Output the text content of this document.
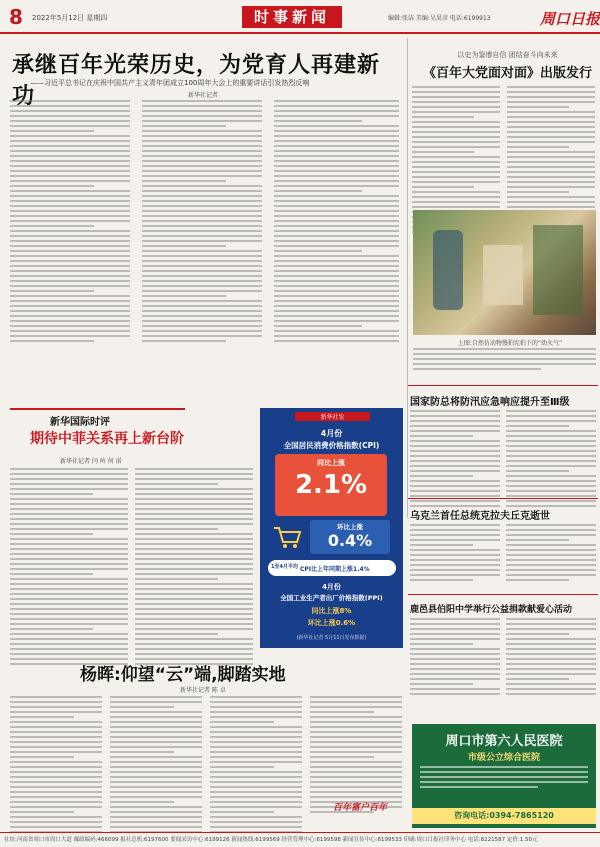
8	2022年5月12日 星期四	时事新闻	编辑:张洁 美编:吴昊彦 电话:6199913	周口日报
承继百年光荣历史，为党育人再建新功
——习近平总书记在庆祝中国共产主义青年团成立100周年大会上的重要讲话引发热烈反响
新华社记者
以史为鉴增自信 团结奋斗向未来
《百年大党面对面》出版发行
上图:自然仿动物慢拍宪拍下的“幼火气”
新华国际时评
期待中菲关系再上新台阶
新华社记者 闫 岭 何 诺
新华社发
4月份
全国居民消费价格指数(CPI)
同比上涨
2.1%
环比上涨
0.4%
1至4月平均 CPI比上年同期上涨1.4%
4月份
全国工业生产者出厂价格指数(PPI)
同比上涨8%
环比上涨0.6%
(新华社记者 5月11日发布数据)
国家防总将防汛应急响应提升至Ⅲ级
乌克兰首任总统克拉夫丘克逝世
鹿邑县伯阳中学举行公益捐款献爱心活动
杨晖:仰望“云”端,脚踏实地
新华社记者 陈 卓
百年富户百年
周口市第六人民医院
市级公立综合医院
咨询电话:0394-7865120
社址:河南省周口市周口大道 邮政编码:466099 报社总机:6197600 要闻采访中心:6199126 新闻热线:6199569 经营管理中心:6199598 新闻宣传中心:6199533 印刷:周口日报社印务中心 电话:8221587 定价:1.50元
